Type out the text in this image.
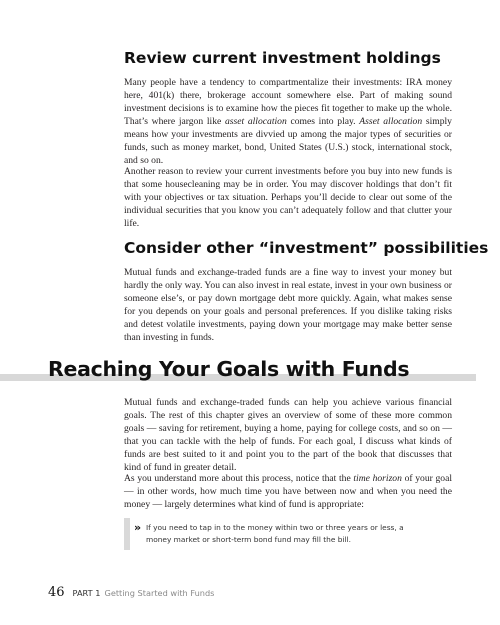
Review current investment holdings

Many people have a tendency to compartmentalize their investments: IRA money here, 401(k) there, brokerage account somewhere else. Part of making sound investment decisions is to examine how the pieces fit together to make up the whole. That’s where jargon like asset allocation comes into play. Asset allocation simply means how your investments are divvied up among the major types of securities or funds, such as money market, bond, United States (U.S.) stock, international stock, and so on.

Another reason to review your current investments before you buy into new funds is that some housecleaning may be in order. You may discover holdings that don’t fit with your objectives or tax situation. Perhaps you’ll decide to clear out some of the individual securities that you know you can’t adequately follow and that clutter your life.

Consider other “investment” possibilities

Mutual funds and exchange-traded funds are a fine way to invest your money but hardly the only way. You can also invest in real estate, invest in your own business or someone else’s, or pay down mortgage debt more quickly. Again, what makes sense for you depends on your goals and personal preferences. If you dislike taking risks and detest volatile investments, paying down your mortgage may make better sense than investing in funds.

Reaching Your Goals with Funds

Mutual funds and exchange-traded funds can help you achieve various financial goals. The rest of this chapter gives an overview of some of these more common goals — saving for retirement, buying a home, paying for college costs, and so on — that you can tackle with the help of funds. For each goal, I discuss what kinds of funds are best suited to it and point you to the part of the book that discusses that kind of fund in greater detail.

As you understand more about this process, notice that the time horizon of your goal — in other words, how much time you have between now and when you need the money — largely determines what kind of fund is appropriate:

» If you need to tap in to the money within two or three years or less, a money market or short-term bond fund may fill the bill.
46 PART 1 Getting Started with Funds
